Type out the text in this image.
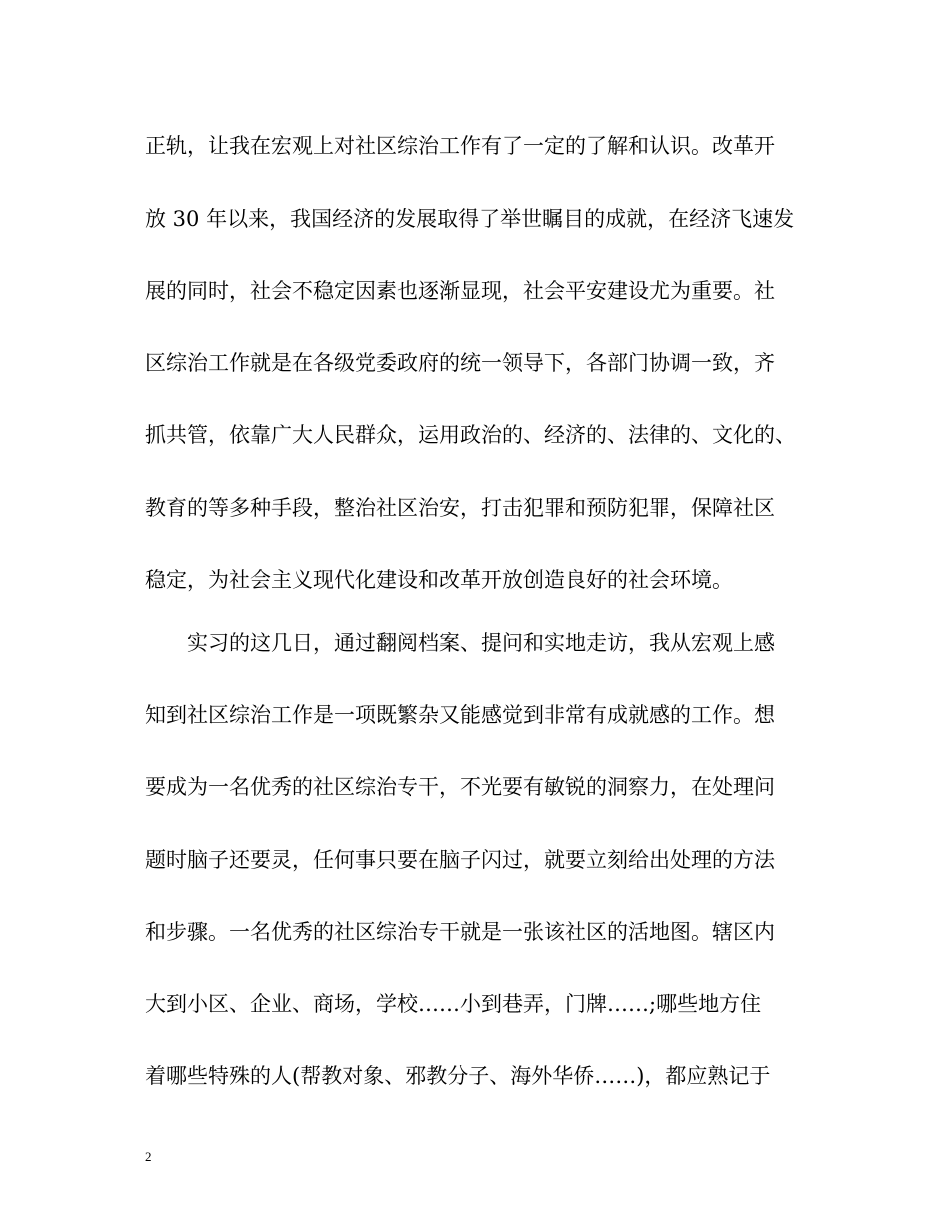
正轨，让我在宏观上对社区综治工作有了一定的了解和认识。改革开
放 30 年以来，我国经济的发展取得了举世瞩目的成就，在经济飞速发
展的同时，社会不稳定因素也逐渐显现，社会平安建设尤为重要。社
区综治工作就是在各级党委政府的统一领导下，各部门协调一致，齐
抓共管，依靠广大人民群众，运用政治的、经济的、法律的、文化的、
教育的等多种手段，整治社区治安，打击犯罪和预防犯罪，保障社区
稳定，为社会主义现代化建设和改革开放创造良好的社会环境。
实习的这几日，通过翻阅档案、提问和实地走访，我从宏观上感
知到社区综治工作是一项既繁杂又能感觉到非常有成就感的工作。想
要成为一名优秀的社区综治专干，不光要有敏锐的洞察力，在处理问
题时脑子还要灵，任何事只要在脑子闪过，就要立刻给出处理的方法
和步骤。一名优秀的社区综治专干就是一张该社区的活地图。辖区内
大到小区、企业、商场，学校……小到巷弄，门牌……;哪些地方住
着哪些特殊的人(帮教对象、邪教分子、海外华侨……)，都应熟记于
2
